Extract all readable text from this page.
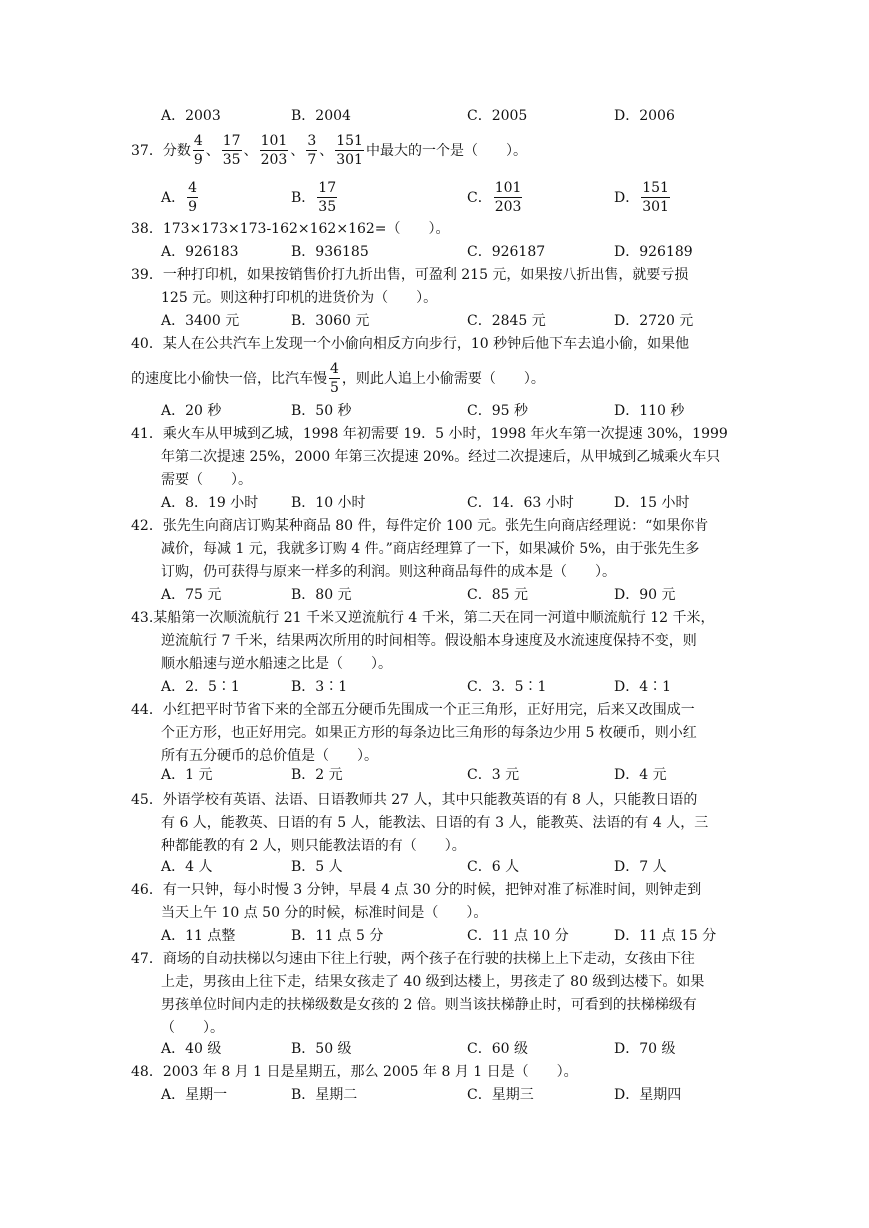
A．2003	B．2004	C．2005	D．2006
37． 分数 $\frac{4}{9}$ 、 $\frac{17}{35}$ 、 $\frac{101}{203}$ 、 $\frac{3}{7}$ 、 $\frac{151}{301}$ 中最大的一个是（　　）。
A． $\frac{4}{9}$	B． $\frac{17}{35}$	C． $\frac{101}{203}$	D． $\frac{151}{301}$
38．173×173×173-162×162×162=（　　）。
A．926183	B．936185	C．926187	D．926189
39．一种打印机，如果按销售价打九折出售，可盈利 215 元，如果按八折出售，就要亏损
125 元。则这种打印机的进货价为（　　）。
A．3400 元	B．3060 元	C．2845 元	D．2720 元
40．某人在公共汽车上发现一个小偷向相反方向步行，10 秒钟后他下车去追小偷，如果他
的速度比小偷快一倍，比汽车慢 $\frac{4}{5}$ ，则此人追上小偷需要（　　）。
A．20 秒	B．50 秒	C．95 秒	D．110 秒
41．乘火车从甲城到乙城，1998 年初需要 19．5 小时，1998 年火车第一次提速 30%，1999
年第二次提速 25%，2000 年第三次提速 20%。经过二次提速后，从甲城到乙城乘火车只
需要（　　）。
A．8．19 小时 B．10 小时	C．14．63 小时	D．15 小时
42．张先生向商店订购某种商品 80 件，每件定价 100 元。张先生向商店经理说：“如果你肯
减价，每减 1 元，我就多订购 4 件。”商店经理算了一下，如果减价 5%，由于张先生多
订购，仍可获得与原来一样多的利润。则这种商品每件的成本是（　　）。
A．75 元	B．80 元	C．85 元	D．90 元
43.某船第一次顺流航行 21 千米又逆流航行 4 千米，第二天在同一河道中顺流航行 12 千米，
逆流航行 7 千米，结果两次所用的时间相等。假设船本身速度及水流速度保持不变，则
顺水船速与逆水船速之比是（　　）。
A．2．5∶1	B．3∶1	C．3．5∶1	D．4∶1
44．小红把平时节省下来的全部五分硬币先围成一个正三角形，正好用完，后来又改围成一
个正方形，也正好用完。如果正方形的每条边比三角形的每条边少用 5 枚硬币，则小红
所有五分硬币的总价值是（　　）。
A．1 元	B．2 元	C．3 元	D．4 元
45．外语学校有英语、法语、日语教师共 27 人，其中只能教英语的有 8 人，只能教日语的
有 6 人，能教英、日语的有 5 人，能教法、日语的有 3 人，能教英、法语的有 4 人，三
种都能教的有 2 人，则只能教法语的有（　　）。
A．4 人	B．5 人	C．6 人	D．7 人
46．有一只钟，每小时慢 3 分钟，早晨 4 点 30 分的时候，把钟对准了标准时间，则钟走到
当天上午 10 点 50 分的时候，标准时间是（　　）。
A．11 点整	B．11 点 5 分	C．11 点 10 分	D．11 点 15 分
47．商场的自动扶梯以匀速由下往上行驶，两个孩子在行驶的扶梯上上下走动，女孩由下往
上走，男孩由上往下走，结果女孩走了 40 级到达楼上，男孩走了 80 级到达楼下。如果
男孩单位时间内走的扶梯级数是女孩的 2 倍。则当该扶梯静止时，可看到的扶梯梯级有
（　　）。
A．40 级	B．50 级	C．60 级	D．70 级
48．2003 年 8 月 1 日是星期五，那么 2005 年 8 月 1 日是（　　）。
A．星期一	B．星期二	C．星期三	D．星期四
